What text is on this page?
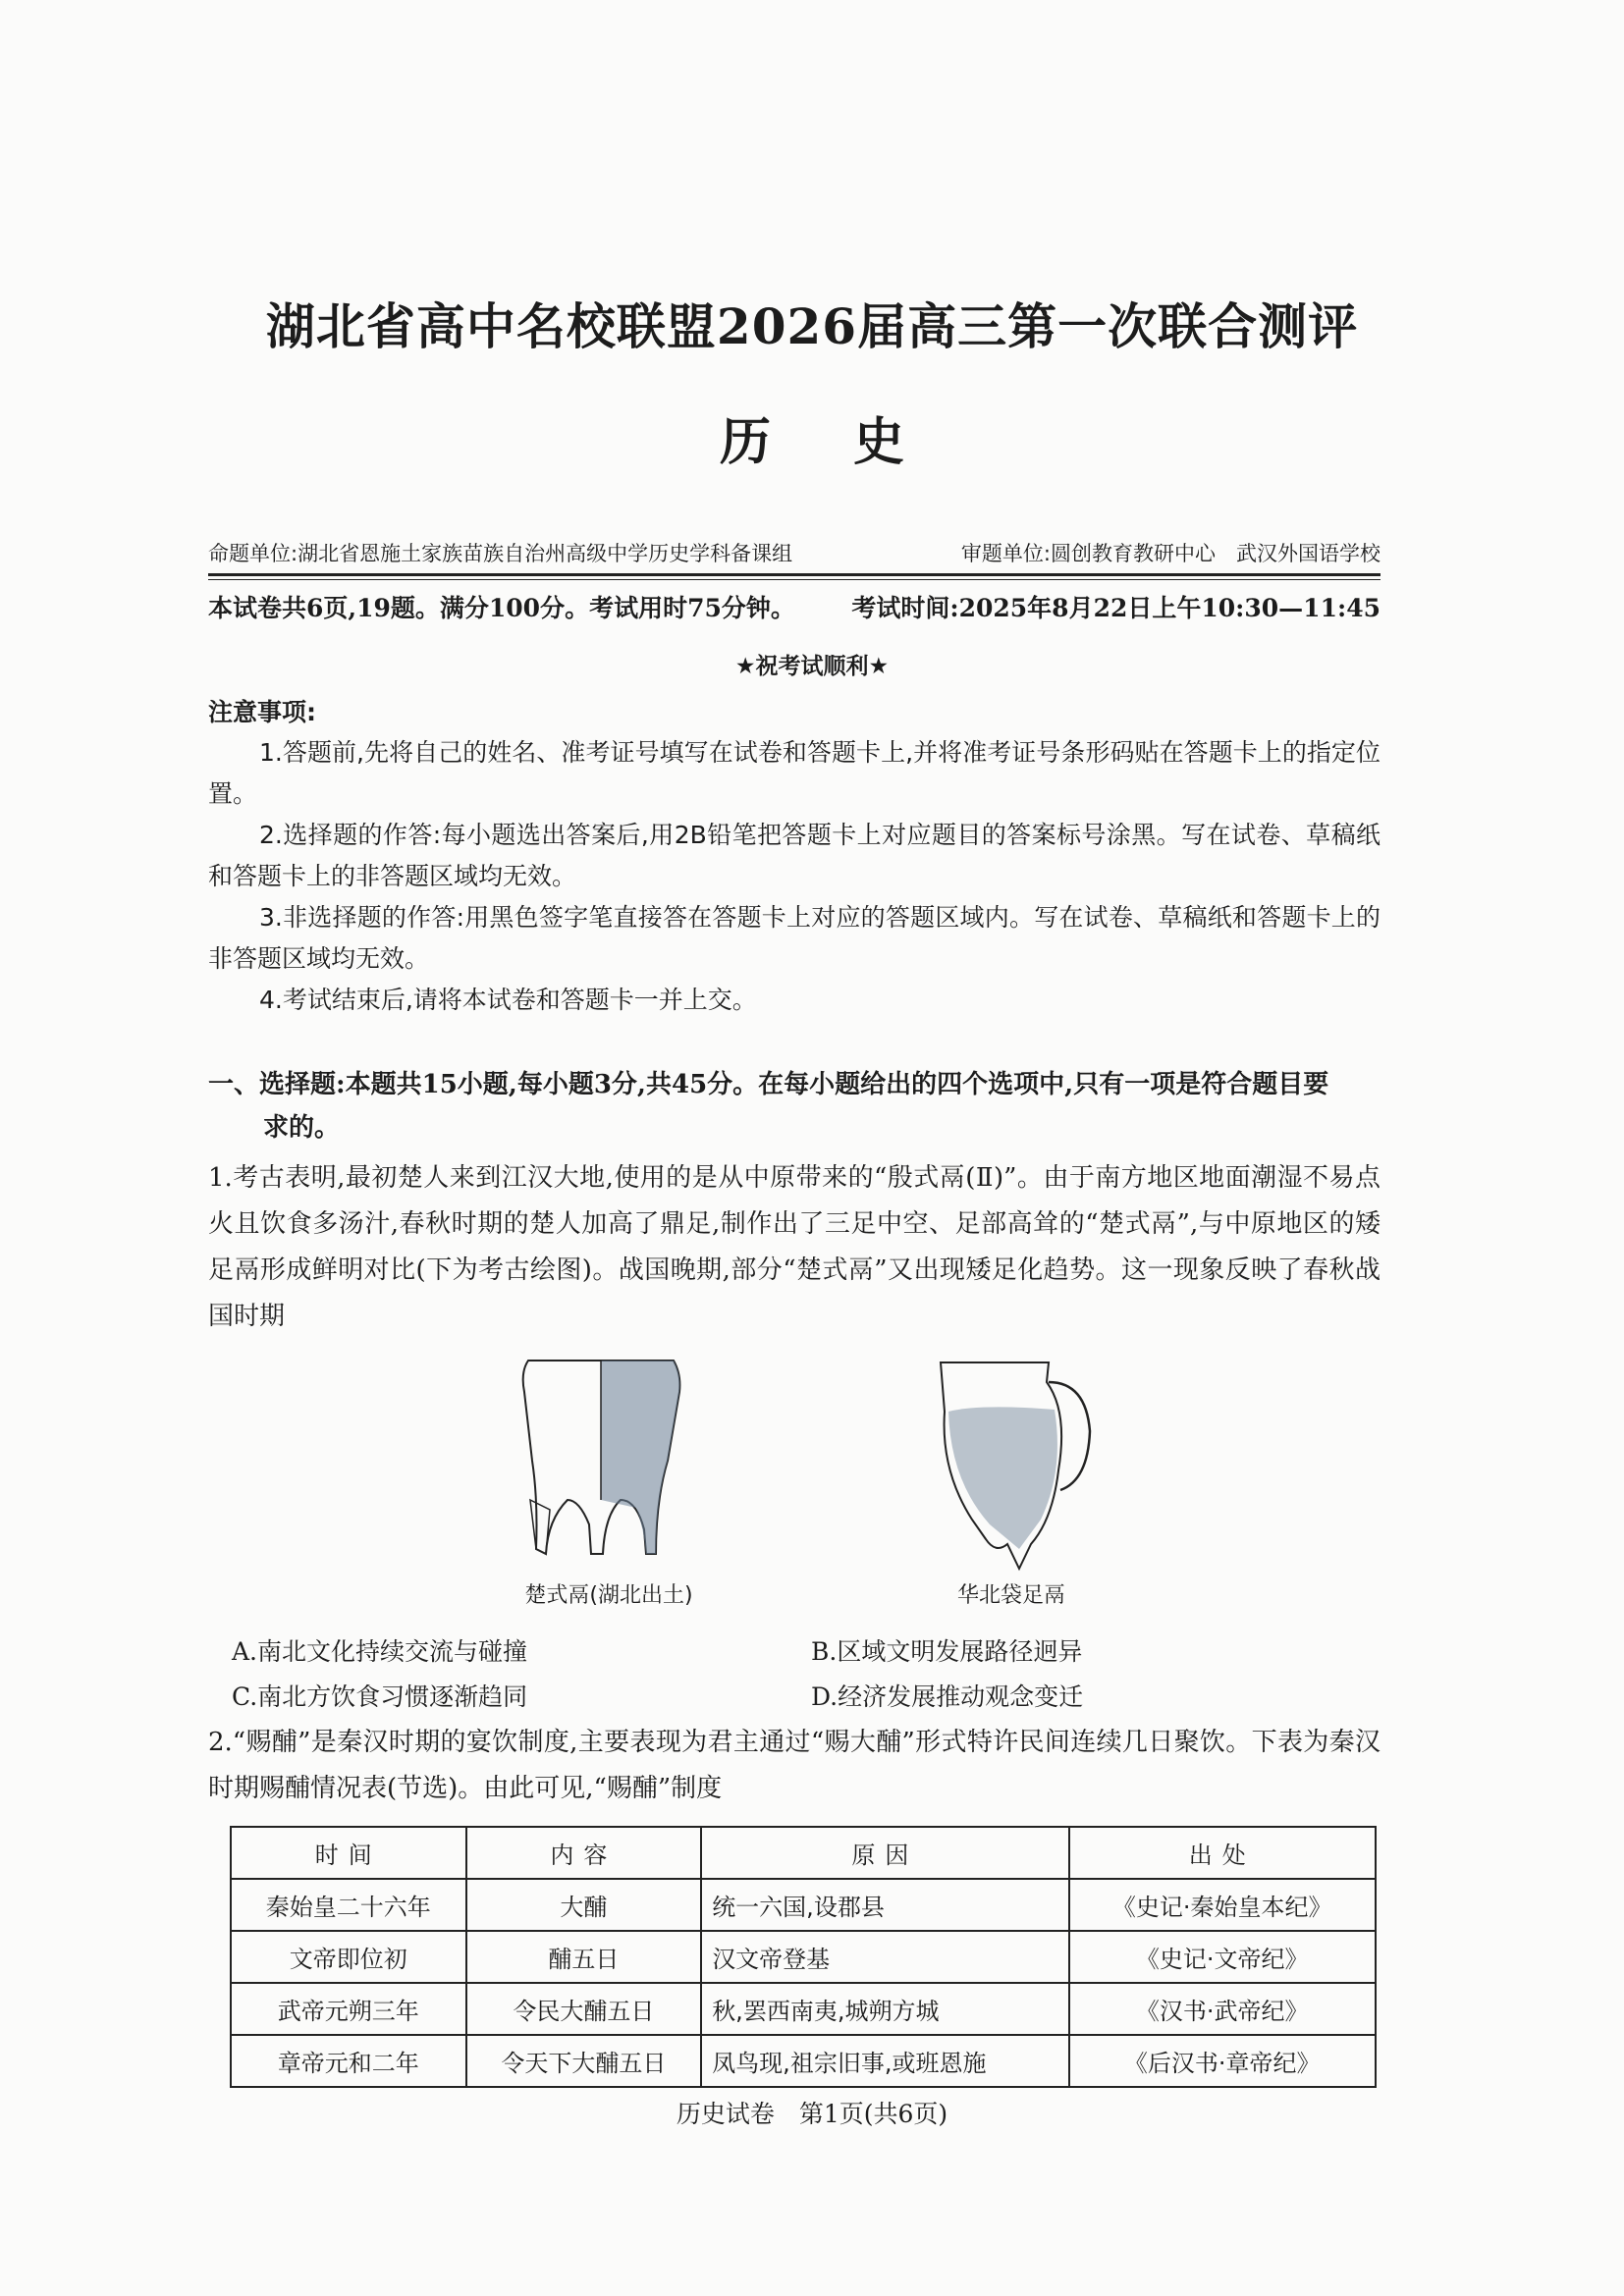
湖北省高中名校联盟2026届高三第一次联合测评
历史
命题单位:湖北省恩施土家族苗族自治州高级中学历史学科备课组	审题单位:圆创教育教研中心　武汉外国语学校
本试卷共6页,19题。满分100分。考试用时75分钟。 考试时间:2025年8月22日上午10:30—11:45
★祝考试顺利★
注意事项:

1.答题前,先将自己的姓名、准考证号填写在试卷和答题卡上,并将准考证号条形码贴在答题卡上的指定位置。

2.选择题的作答:每小题选出答案后,用2B铅笔把答题卡上对应题目的答案标号涂黑。写在试卷、草稿纸和答题卡上的非答题区域均无效。

3.非选择题的作答:用黑色签字笔直接答在答题卡上对应的答题区域内。写在试卷、草稿纸和答题卡上的非答题区域均无效。

4.考试结束后,请将本试卷和答题卡一并上交。

一、选择题:本题共15小题,每小题3分,共45分。在每小题给出的四个选项中,只有一项是符合题目要
求的。
1.考古表明,最初楚人来到江汉大地,使用的是从中原带来的“殷式鬲(Ⅱ)”。由于南方地区地面潮湿不易点火且饮食多汤汁,春秋时期的楚人加高了鼎足,制作出了三足中空、足部高耸的“楚式鬲”,与中原地区的矮足鬲形成鲜明对比(下为考古绘图)。战国晚期,部分“楚式鬲”又出现矮足化趋势。这一现象反映了春秋战国时期
楚式鬲(湖北出土)	华北袋足鬲
A.南北文化持续交流与碰撞	B.区域文明发展路径迥异
C.南北方饮食习惯逐渐趋同	D.经济发展推动观念变迁
2.“赐酺”是秦汉时期的宴饮制度,主要表现为君主通过“赐大酺”形式特许民间连续几日聚饮。下表为秦汉时期赐酺情况表(节选)。由此可见,“赐酺”制度
时间	内容	原因	出处
秦始皇二十六年	大酺	统一六国,设郡县	《史记·秦始皇本纪》
文帝即位初	酺五日	汉文帝登基	《史记·文帝纪》
武帝元朔三年	令民大酺五日	秋,罢西南夷,城朔方城	《汉书·武帝纪》
章帝元和二年	令天下大酺五日	凤鸟现,祖宗旧事,或班恩施	《后汉书·章帝纪》
历史试卷　第1页(共6页)
